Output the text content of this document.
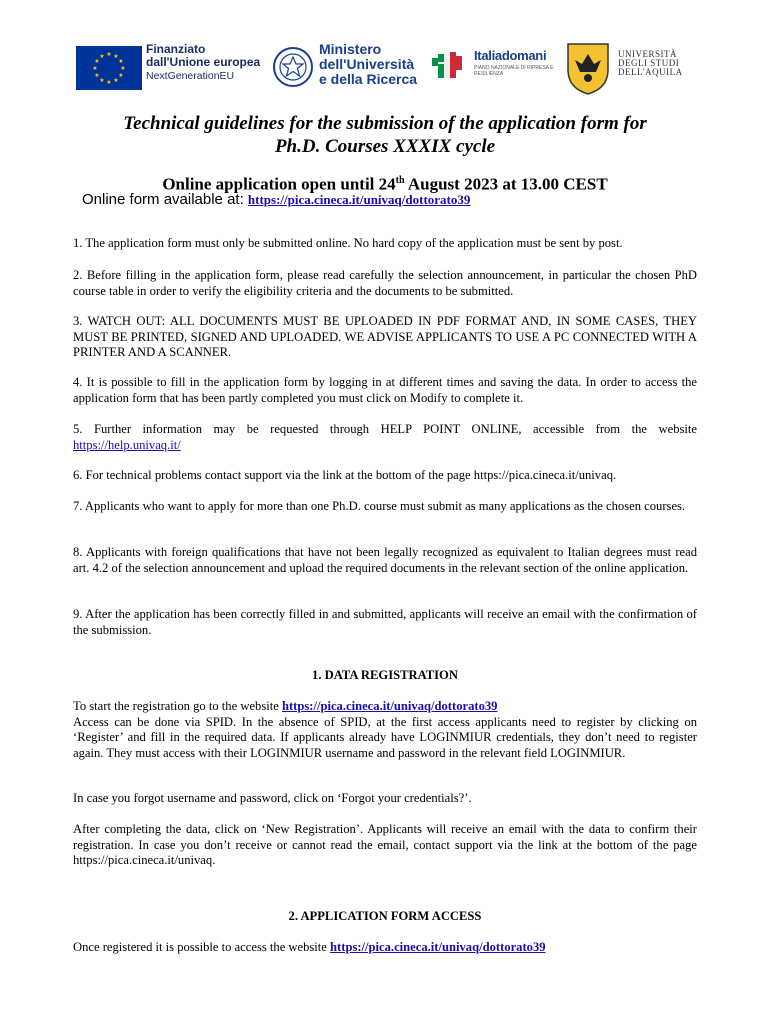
★ ★
★
★
★
★
★
★
★
★
★
★
Finanziato
dall'Unione europea
NextGenerationEU
Ministero
dell'Università
e della Ricerca
Italiadomani
PIANO NAZIONALE DI RIPRESA E RESILIENZA
UNIVERSITÀ
DEGLI STUDI
DELL'AQUILA
Technical guidelines for the submission of the application form for
Ph.D. Courses XXXIX cycle
Online application open until 24th August 2023 at 13.00 CEST
Online form available at: https://pica.cineca.it/univaq/dottorato39

1. The application form must only be submitted online. No hard copy of the application must be sent by post.

2. Before filling in the application form, please read carefully the selection announcement, in particular the chosen PhD course table in order to verify the eligibility criteria and the documents to be submitted.

3. WATCH OUT: ALL DOCUMENTS MUST BE UPLOADED IN PDF FORMAT AND, IN SOME CASES, THEY MUST BE PRINTED, SIGNED AND UPLOADED. WE ADVISE APPLICANTS TO USE A PC CONNECTED WITH A PRINTER AND A SCANNER.

4. It is possible to fill in the application form by logging in at different times and saving the data. In order to access the application form that has been partly completed you must click on Modify to complete it.

5. Further information may be requested through HELP POINT ONLINE, accessible from the website https://help.univaq.it/

6. For technical problems contact support via the link at the bottom of the page https://pica.cineca.it/univaq.

7. Applicants who want to apply for more than one Ph.D. course must submit as many applications as the chosen courses.

8. Applicants with foreign qualifications that have not been legally recognized as equivalent to Italian degrees must read art. 4.2 of the selection announcement and upload the required documents in the relevant section of the online application.

9. After the application has been correctly filled in and submitted, applicants will receive an email with the confirmation of the submission.

1. DATA REGISTRATION

To start the registration go to the website https://pica.cineca.it/univaq/dottorato39
Access can be done via SPID. In the absence of SPID, at the first access applicants need to register by clicking on ‘Register’ and fill in the required data. If applicants already have LOGINMIUR credentials, they don’t need to register again. They must access with their LOGINMIUR username and password in the relevant field LOGINMIUR.

In case you forgot username and password, click on ‘Forgot your credentials?’.

After completing the data, click on ‘New Registration’. Applicants will receive an email with the data to confirm their registration. In case you don’t receive or cannot read the email, contact support via the link at the bottom of the page https://pica.cineca.it/univaq.

2. APPLICATION FORM ACCESS

Once registered it is possible to access the website https://pica.cineca.it/univaq/dottorato39
